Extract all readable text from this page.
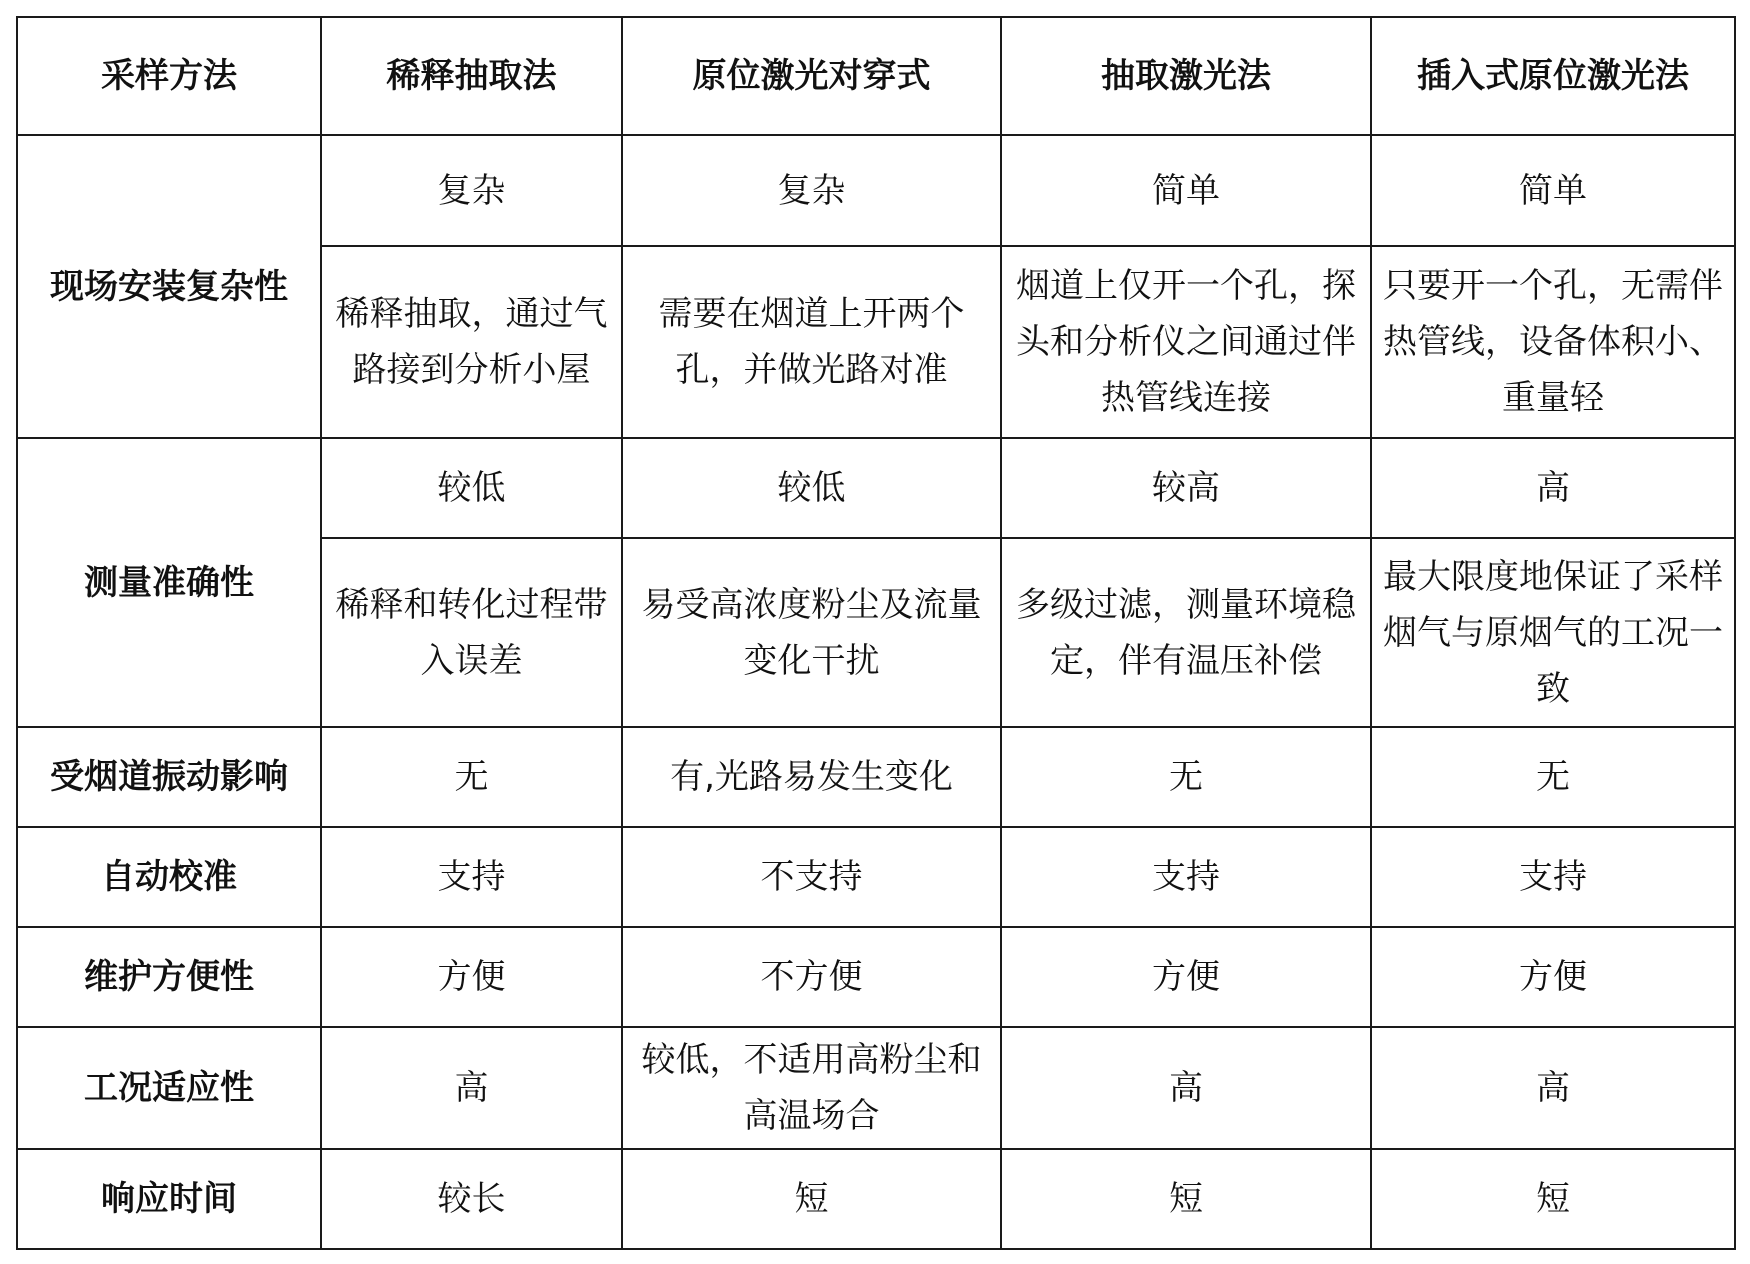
采样方法	稀释抽取法	原位激光对穿式	抽取激光法	插入式原位激光法
现场安装复杂性	复杂	复杂	简单	简单
	稀释抽取，通过气路接到分析小屋	需要在烟道上开两个孔，并做光路对准	烟道上仅开一个孔，探头和分析仪之间通过伴热管线连接	只要开一个孔，无需伴热管线，设备体积小、重量轻
测量准确性	较低	较低	较高	高
	稀释和转化过程带入误差	易受高浓度粉尘及流量变化干扰	多级过滤，测量环境稳定，伴有温压补偿	最大限度地保证了采样烟气与原烟气的工况一致
受烟道振动影响	无	有,光路易发生变化	无	无
自动校准	支持	不支持	支持	支持
维护方便性	方便	不方便	方便	方便
工况适应性	高	较低，不适用高粉尘和高温场合	高	高
响应时间	较长	短	短	短
